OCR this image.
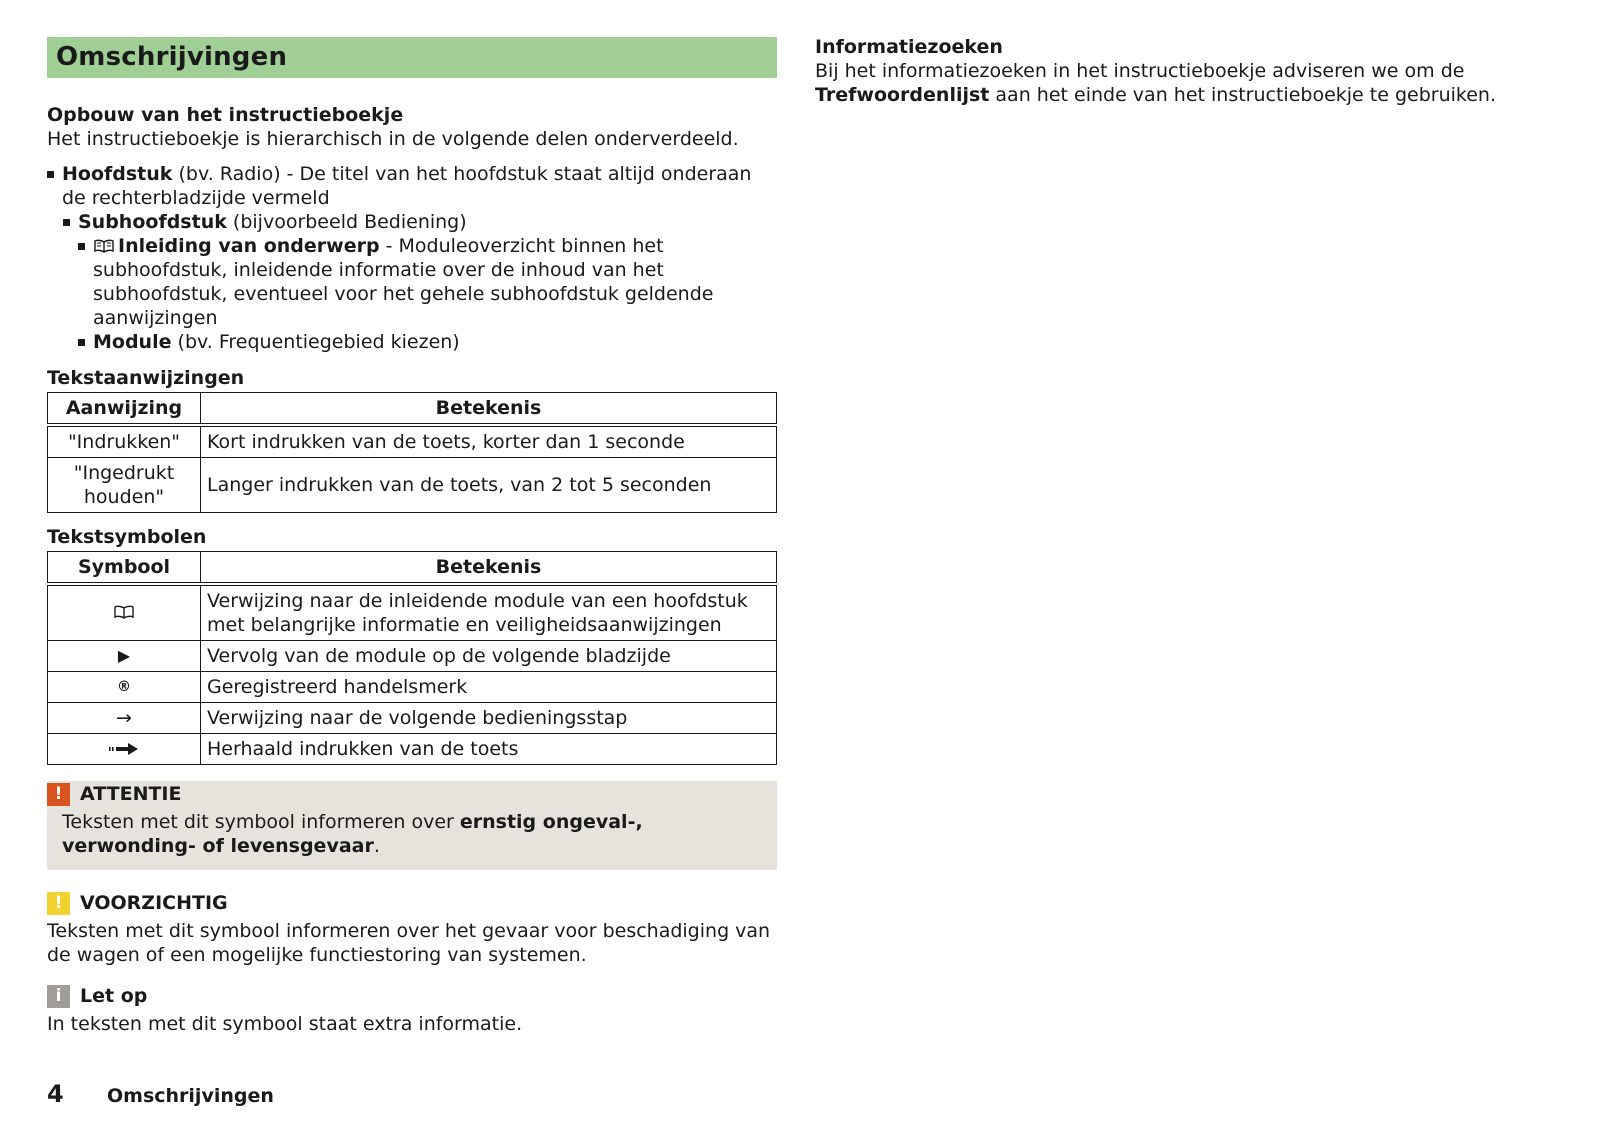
Omschrijvingen
Opbouw van het instructieboekje

Het instructieboekje is hierarchisch in de volgende delen onderverdeeld.

Hoofdstuk (bv. Radio) - De titel van het hoofdstuk staat altijd onderaan de rechterbladzijde vermeld
Subhoofdstuk (bijvoorbeeld Bediening)
Inleiding van onderwerp - Moduleoverzicht binnen het subhoofdstuk, inleidende informatie over de inhoud van het subhoofdstuk, eventueel voor het gehele subhoofdstuk geldende aanwijzingen
Module (bv. Frequentiegebied kiezen)
Tekstaanwijzingen
Aanwijzing	Betekenis
"Indrukken"	Kort indrukken van de toets, korter dan 1 seconde
"Ingedrukt houden"	Langer indrukken van de toets, van 2 tot 5 seconden
Tekstsymbolen
Symbool	Betekenis
	Verwijzing naar de inleidende module van een hoofdstuk met belangrijke informatie en veiligheidsaanwijzingen
▶	Vervolg van de module op de volgende bladzijde
®	Geregistreerd handelsmerk
→	Verwijzing naar de volgende bedieningsstap
	Herhaald indrukken van de toets
! ATTENTIE

Teksten met dit symbool informeren over ernstig ongeval-, verwonding- of levensgevaar.

! VOORZICHTIG

Teksten met dit symbool informeren over het gevaar voor beschadiging van de wagen of een mogelijke functiestoring van systemen.

i Let op

In teksten met dit symbool staat extra informatie.

Informatiezoeken

Bij het informatiezoeken in het instructieboekje adviseren we om de Trefwoordenlijst aan het einde van het instructieboekje te gebruiken.

4	Omschrijvingen
